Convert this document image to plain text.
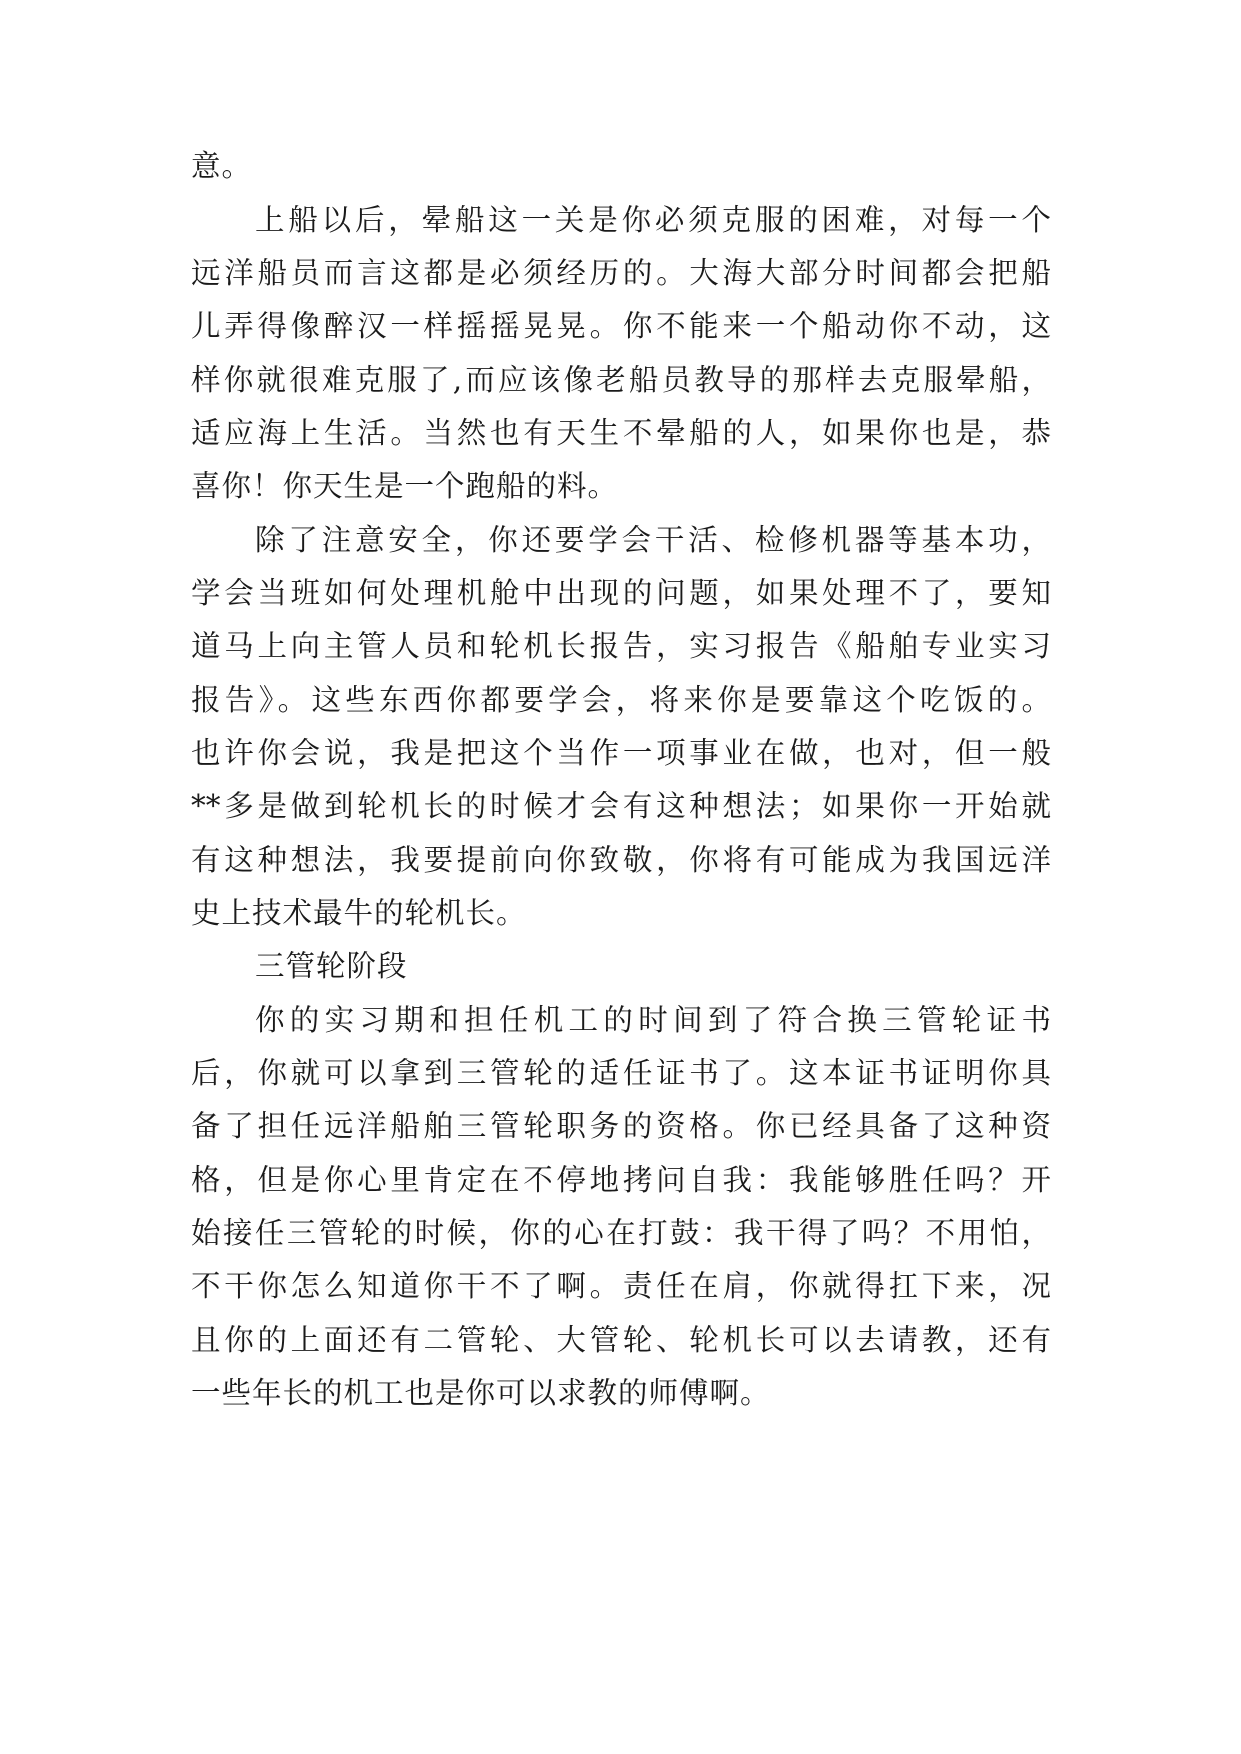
意。
上船以后，晕船这一关是你必须克服的困难，对每一个
远洋船员而言这都是必须经历的。大海大部分时间都会把船
儿弄得像醉汉一样摇摇晃晃。你不能来一个船动你不动，这
样你就很难克服了,而应该像老船员教导的那样去克服晕船，
适应海上生活。当然也有天生不晕船的人，如果你也是，恭
喜你！你天生是一个跑船的料。
除了注意安全，你还要学会干活、检修机器等基本功，
学会当班如何处理机舱中出现的问题，如果处理不了，要知
道马上向主管人员和轮机长报告，实习报告《船舶专业实习
报告》。这些东西你都要学会，将来你是要靠这个吃饭的。
也许你会说，我是把这个当作一项事业在做，也对，但一般
**多是做到轮机长的时候才会有这种想法；如果你一开始就
有这种想法，我要提前向你致敬，你将有可能成为我国远洋
史上技术最牛的轮机长。
三管轮阶段
你的实习期和担任机工的时间到了符合换三管轮证书
后，你就可以拿到三管轮的适任证书了。这本证书证明你具
备了担任远洋船舶三管轮职务的资格。你已经具备了这种资
格，但是你心里肯定在不停地拷问自我：我能够胜任吗？开
始接任三管轮的时候，你的心在打鼓：我干得了吗？不用怕，
不干你怎么知道你干不了啊。责任在肩，你就得扛下来，况
且你的上面还有二管轮、大管轮、轮机长可以去请教，还有
一些年长的机工也是你可以求教的师傅啊。
